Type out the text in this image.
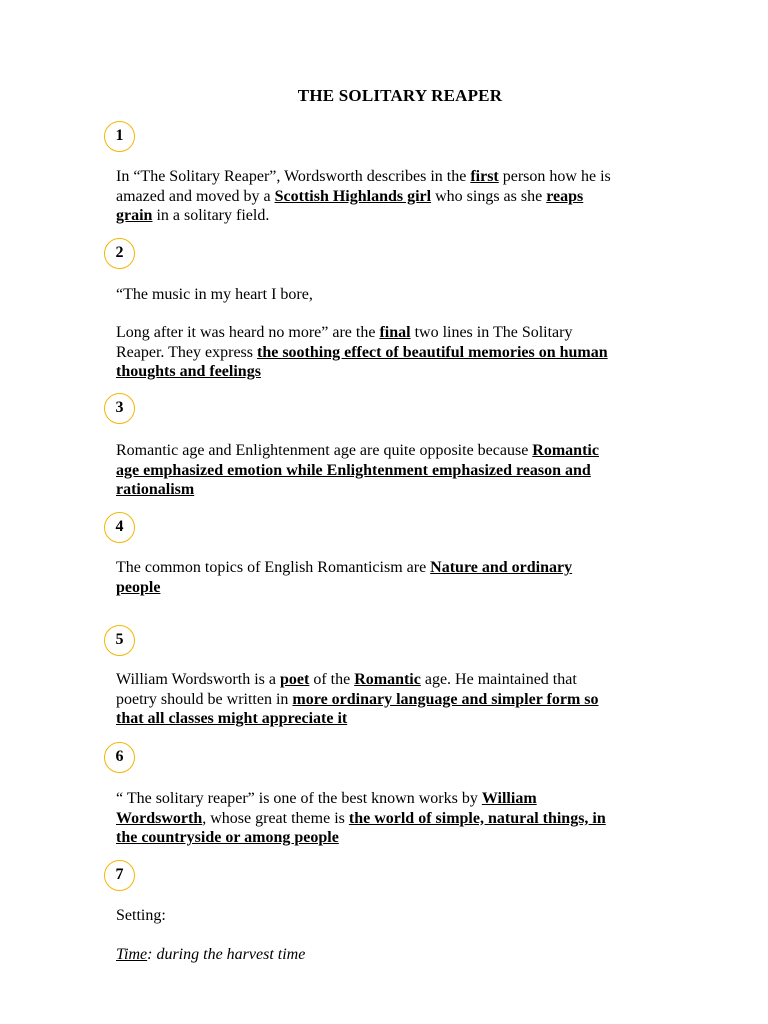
THE SOLITARY REAPER
1
In “The Solitary Reaper”, Wordsworth describes in the first person how he is
amazed and moved by a Scottish Highlands girl who sings as she reaps
grain in a solitary field.
2
“The music in my heart I bore,
Long after it was heard no more” are the final two lines in The Solitary
Reaper. They express the soothing effect of beautiful memories on human
thoughts and feelings
3
Romantic age and Enlightenment age are quite opposite because Romantic
age emphasized emotion while Enlightenment emphasized reason and
rationalism
4
The common topics of English Romanticism are Nature and ordinary
people
5
William Wordsworth is a poet of the Romantic age. He maintained that
poetry should be written in more ordinary language and simpler form so
that all classes might appreciate it
6
“ The solitary reaper” is one of the best known works by William
Wordsworth, whose great theme is the world of simple, natural things, in
the countryside or among people
7
Setting:
Time: during the harvest time
